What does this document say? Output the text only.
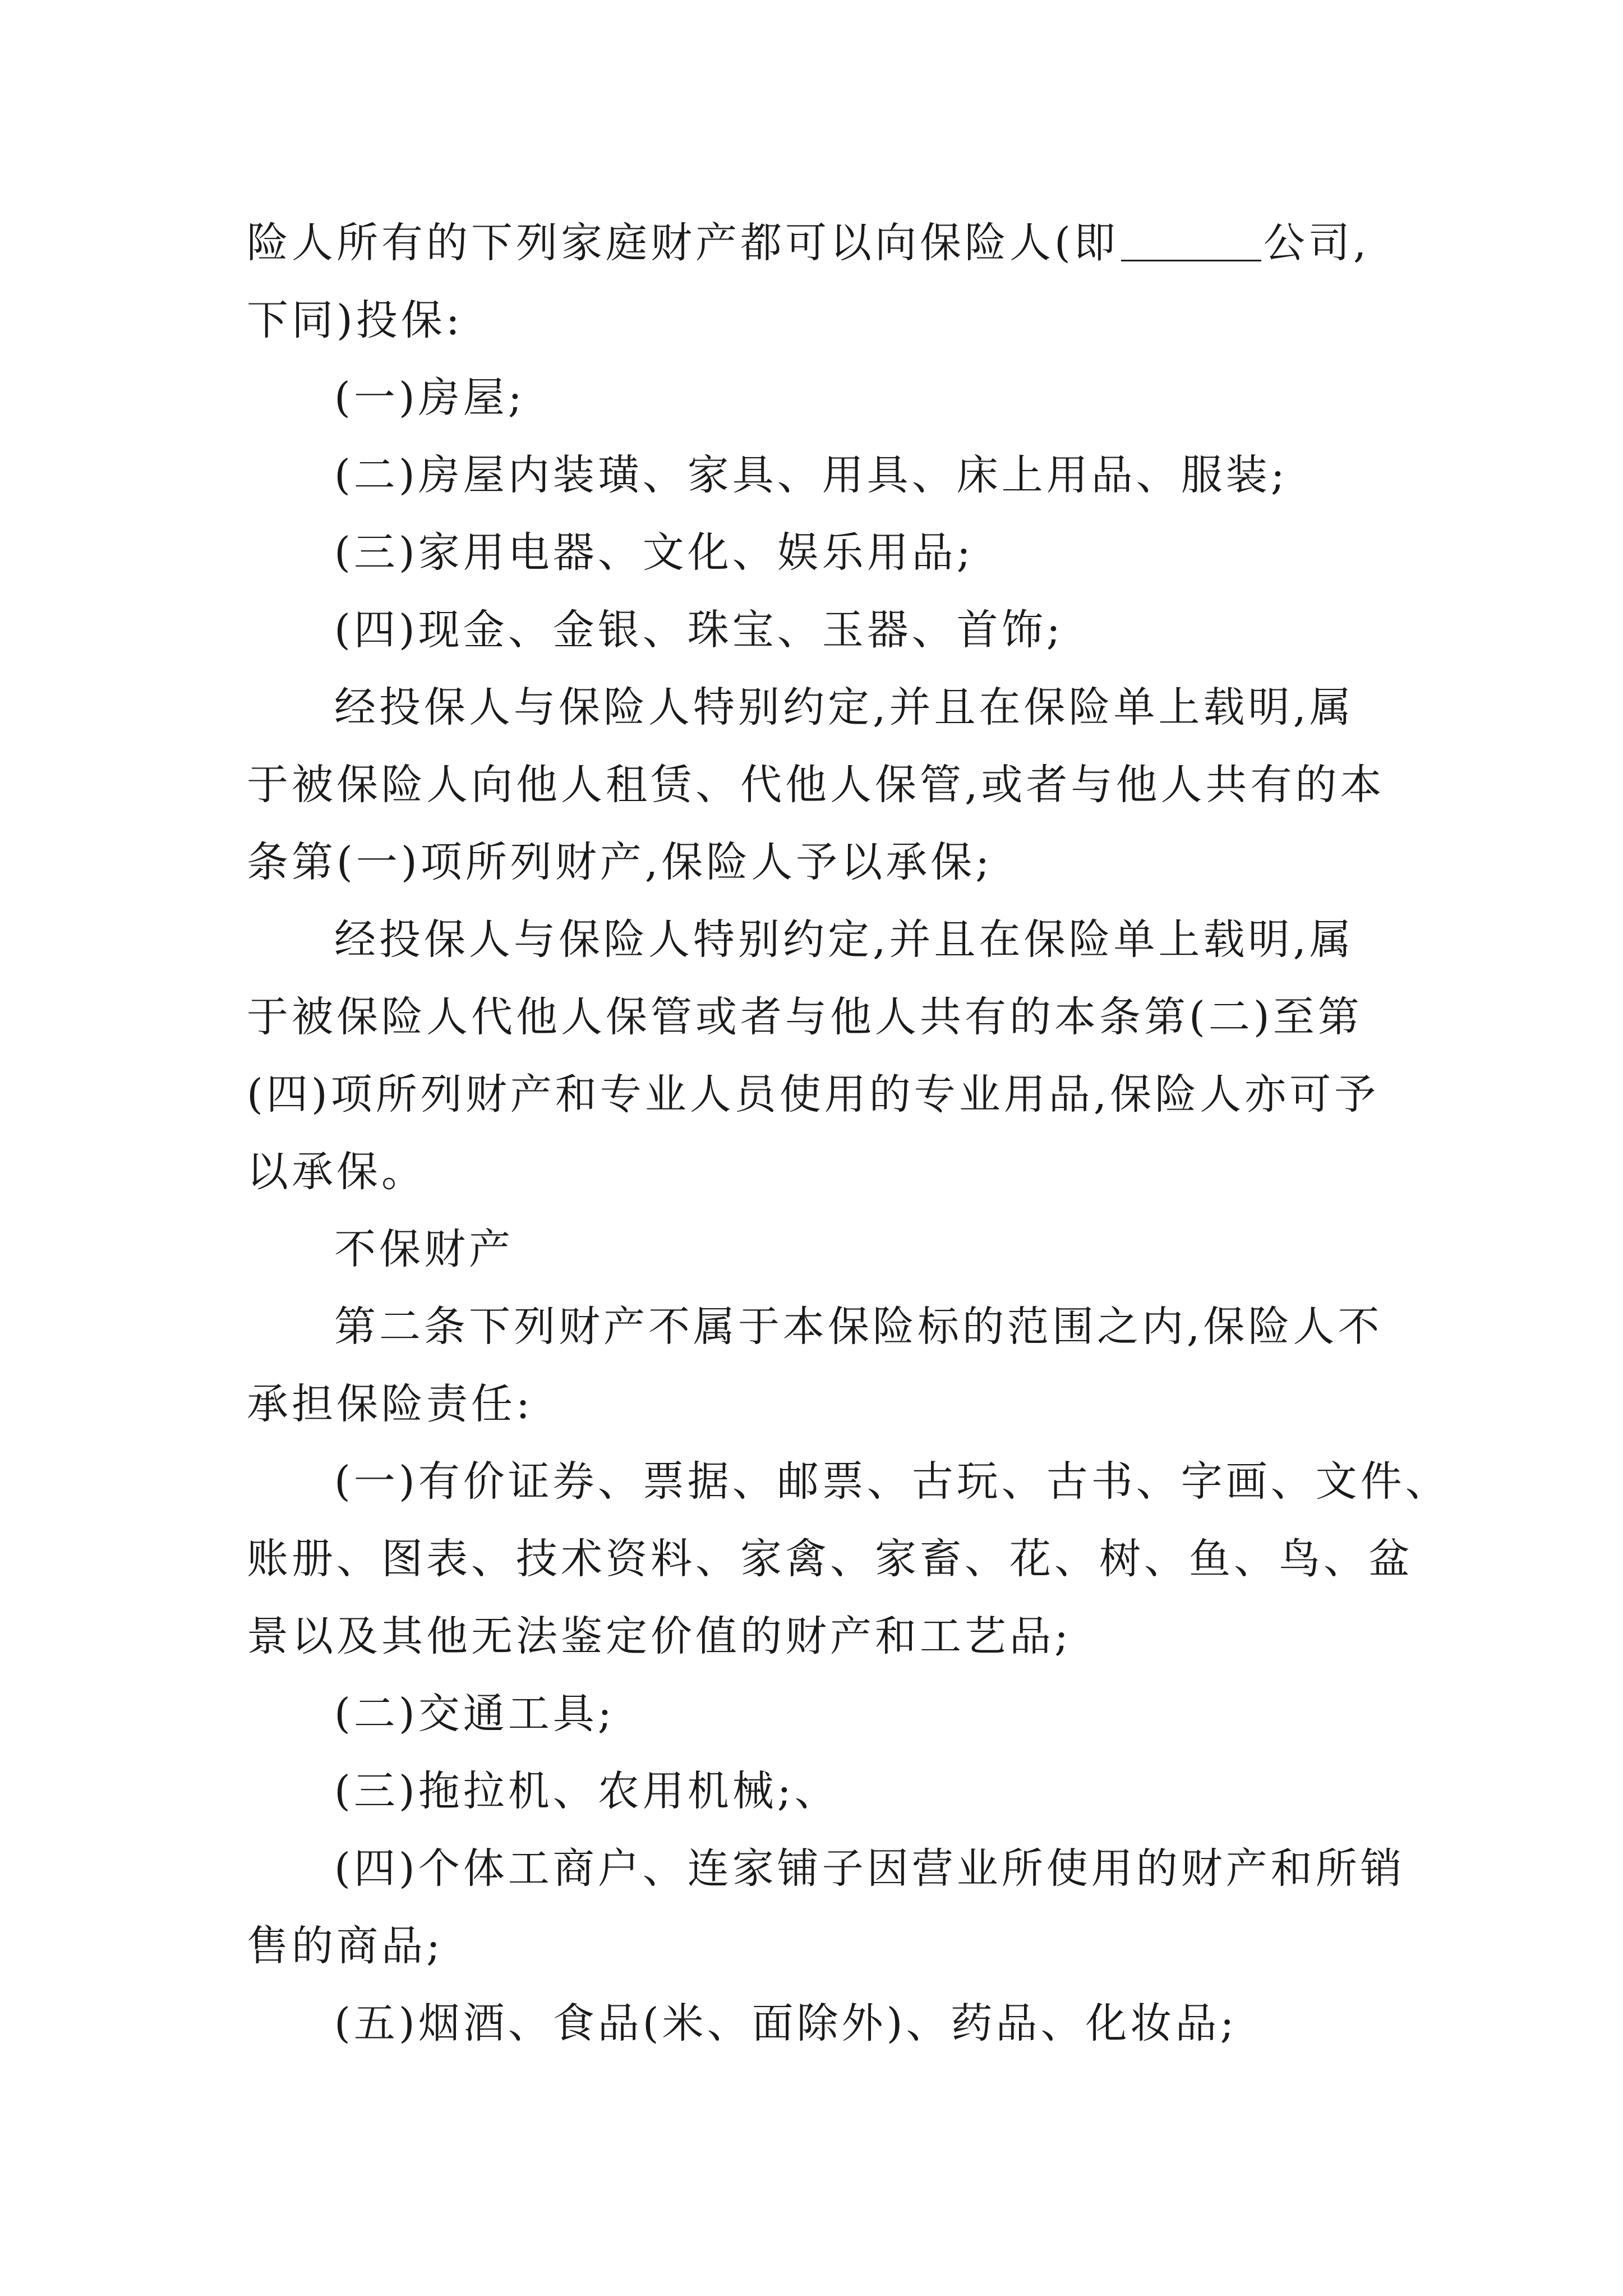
险人所有的下列家庭财产都可以向保险人(即	公司,

下同)投保:

(一)房屋;

(二)房屋内装璜、家具、用具、床上用品、服装;

(三)家用电器、文化、娱乐用品;

(四)现金、金银、珠宝、玉器、首饰;

经投保人与保险人特别约定,并且在保险单上载明,属

于被保险人向他人租赁、代他人保管,或者与他人共有的本

条第(一)项所列财产,保险人予以承保;

经投保人与保险人特别约定,并且在保险单上载明,属

于被保险人代他人保管或者与他人共有的本条第(二)至第

(四)项所列财产和专业人员使用的专业用品,保险人亦可予

以承保。

不保财产

第二条下列财产不属于本保险标的范围之内,保险人不

承担保险责任:

(一)有价证券、票据、邮票、古玩、古书、字画、文件、

账册、图表、技术资料、家禽、家畜、花、树、鱼、鸟、盆

景以及其他无法鉴定价值的财产和工艺品;

(二)交通工具;

(三)拖拉机、农用机械;、

(四)个体工商户、连家铺子因营业所使用的财产和所销

售的商品;

(五)烟酒、食品(米、面除外)、药品、化妆品;
